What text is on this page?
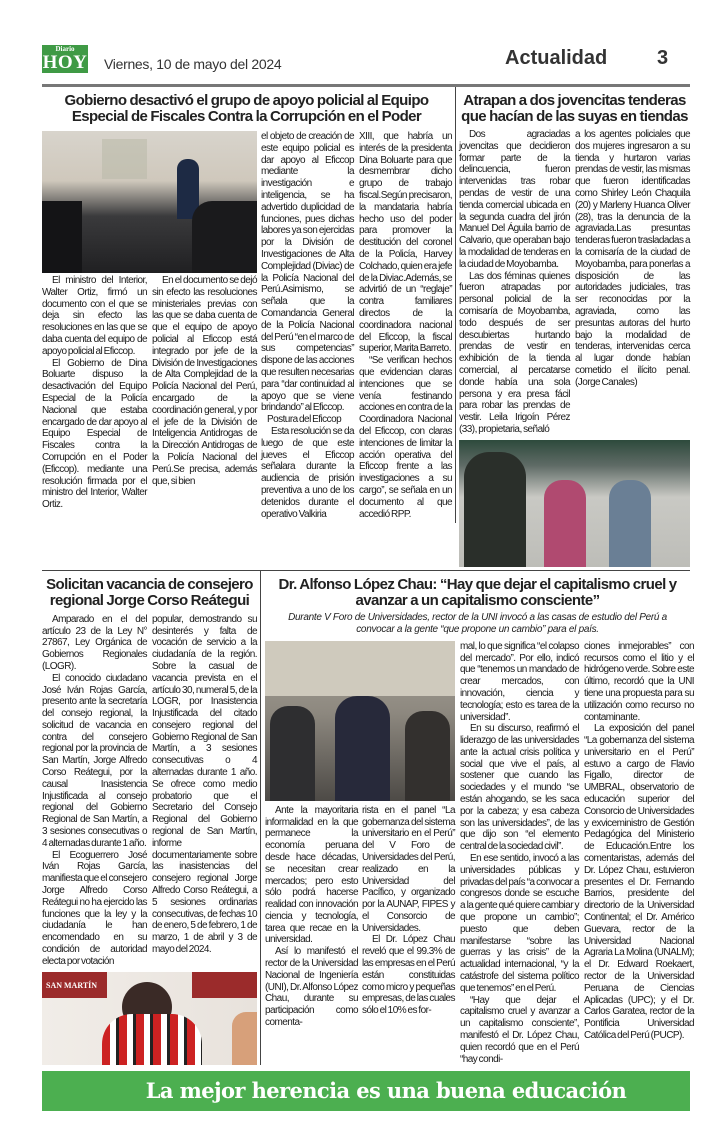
Diario
HOY Viernes, 10 de mayo del 2024	Actualidad 3
Gobierno desactivó el grupo de apoyo policial al Equipo Especial de Fiscales Contra la Corrupción en el Poder

El ministro del Interior, Walter Ortiz, firmó un documento con el que se deja sin efecto las resoluciones en las que se daba cuenta del equipo de apoyo policial al Eficcop.

El Gobierno de Dina Boluarte dispuso la desactivación del Equipo Especial de la Policía Nacional que estaba encargado de dar apoyo al Equipo Especial de Fiscales contra la Corrupción en el Poder (Eficcop). mediante una resolución firmada por el ministro del Interior, Walter Ortiz.

En el documento se dejó sin efecto las resoluciones ministeriales previas con las que se daba cuenta de que el equipo de apoyo policial al Eficcop está integrado por jefe de la División de Investigaciones de Alta Complejidad de la Policía Nacional del Perú, encargado de la coordinación general, y por el jefe de la División de Inteligencia Antidrogas de la Dirección Antidrogas de la Policía Nacional del Perú.Se precisa, además que, si bien

el objeto de creación de este equipo policial es dar apoyo al Eficcop mediante la investigación e inteligencia, se ha advertido duplicidad de funciones, pues dichas labores ya son ejercidas por la División de Investigaciones de Alta Complejidad (Diviac) de la Policía Nacional del Perú.Asimismo, se señala que la Comandancia General de la Policía Nacional del Perú “en el marco de sus competencias” dispone de las acciones que resulten necesarias para “dar continuidad al apoyo que se viene brindando” al Eficcop.

Postura del Eficcop

Esta resolución se da luego de que este jueves el Eficcop señalara durante la audiencia de prisión preventiva a uno de los detenidos durante el operativo Valkiria

XIII, que habría un interés de la presidenta Dina Boluarte para que desmembrar dicho grupo de trabajo fiscal.Según precisaron, la mandataria habría hecho uso del poder para promover la destitución del coronel de la Policía, Harvey Colchado, quien era jefe de la Diviac.Además, se advirtió de un “reglaje” contra familiares directos de la coordinadora nacional del Eficcop, la fiscal superior, Marita Barreto.

“Se verifican hechos que evidencian claras intenciones que se venía festinando acciones en contra de la Coordinadora Nacional del Eficcop, con claras intenciones de limitar la acción operativa del Eficcop frente a las investigaciones a su cargo”, se señala en un documento al que accedió RPP.

Atrapan a dos jovencitas tenderas que hacían de las suyas en tiendas

Dos agraciadas jovencitas que decidieron formar parte de la delincuencia, fueron intervenidas tras robar pendas de vestir de una tienda comercial ubicada en la segunda cuadra del jirón Manuel Del Águila barrio de Calvario, que operaban bajo la modalidad de tenderas en la ciudad de Moyobamba.

Las dos féminas quienes fueron atrapadas por personal policial de la comisaría de Moyobamba, todo después de ser descubiertas hurtando prendas de vestir en exhibición de la tienda comercial, al percatarse donde había una sola persona y era presa fácil para robar las prendas de vestir. Leila Irigoín Pérez (33), propietaria, señaló

a los agentes policiales que dos mujeres ingresaron a su tienda y hurtaron varias prendas de vestir, las mismas que fueron identificadas como Shirley León Chaquila (20) y Marleny Huanca Oliver (28), tras la denuncia de la agraviada.Las presuntas tenderas fueron trasladadas a la comisaría de la ciudad de Moyobamba, para ponerlas a disposición de las autoridades judiciales, tras ser reconocidas por la agraviada, como las presuntas autoras del hurto bajo la modalidad de tenderas, intervenidas cerca al lugar donde habían cometido el ilícito penal. (Jorge Canales)

Solicitan vacancia de consejero regional Jorge Corso Reátegui

Amparado en el del artículo 23 de la Ley N° 27867, Ley Orgánica de Gobiernos Regionales (LOGR).

El conocido ciudadano José Iván Rojas García, presento ante la secretaría del consejo regional, la solicitud de vacancia en contra del consejero regional por la provincia de San Martín, Jorge Alfredo Corso Reátegui, por la causal Inasistencia Injustificada al consejo regional del Gobierno Regional de San Martín, a 3 sesiones consecutivas o 4 alternadas durante 1 año.

El Ecoguerrero José Iván Rojas García, manifiesta que el consejero Jorge Alfredo Corso Reátegui no ha ejercido las funciones que la ley y la ciudadanía le han encomendado en su condición de autoridad electa por votación

popular, demostrando su desinterés y falta de vocación de servicio a la ciudadanía de la región. Sobre la casual de vacancia prevista en el artículo 30, numeral 5, de la LOGR, por Inasistencia Injustificada del citado consejero regional del Gobierno Regional de San Martín, a 3 sesiones consecutivas o 4 alternadas durante 1 año. Se ofrece como medio probatorio que el Secretario del Consejo Regional del Gobierno regional de San Martín, informe documentariamente sobre las inasistencias del consejero regional Jorge Alfredo Corso Reátegui, a 5 sesiones ordinarias consecutivas, de fechas 10 de enero, 5 de febrero, 1 de marzo, 1 de abril y 3 de mayo del 2024.

SAN MARTÍN
Dr. Alfonso López Chau: “Hay que dejar el capitalismo cruel y avanzar a un capitalismo consciente”
Durante V Foro de Universidades, rector de la UNI invocó a las casas de estudio del Perú a convocar a la gente “que propone un cambio” para el país.

Ante la mayoritaria informalidad en la que permanece la economía peruana desde hace décadas, se necesitan crear mercados; pero esto sólo podrá hacerse realidad con innovación ciencia y tecnología, tarea que recae en la universidad.

Así lo manifestó el rector de la Universidad Nacional de Ingeniería (UNI), Dr. Alfonso López Chau, durante su participación como comenta-

rista en el panel “La gobernanza del sistema universitario en el Perú” del V Foro de Universidades del Perú, realizado en la Universidad del Pacífico, y organizado por la AUNAP, FIPES y el Consorcio de Universidades.

El Dr. López Chau reveló que el 99.3% de las empresas en el Perú están constituidas como micro y pequeñas empresas, de las cuales sólo el 10% es for-

mal, lo que significa “el colapso del mercado”. Por ello, indicó que “tenemos un mandado de crear mercados, con innovación, ciencia y tecnología; esto es tarea de la universidad”.

En su discurso, reafirmó el liderazgo de las universidades ante la actual crisis política y social que vive el país, al sostener que cuando las sociedades y el mundo “se están ahogando, se les saca por la cabeza; y esa cabeza son las universidades”, de las que dijo son “el elemento central de la sociedad civil”.

En ese sentido, invocó a las universidades públicas y privadas del país “a convocar a congresos donde se escuche a la gente qué quiere cambiar y que propone un cambio”; puesto que deben manifestarse “sobre las guerras y las crisis” de la actualidad internacional, “y la catástrofe del sistema político que tenemos” en el Perú.

“Hay que dejar el capitalismo cruel y avanzar a un capitalismo consciente”, manifestó el Dr. López Chau, quien recordó que en el Perú “hay condi-

ciones inmejorables” con recursos como el litio y el hidrógeno verde. Sobre este último, recordó que la UNI tiene una propuesta para su utilización como recurso no contaminante.

La exposición del panel “La gobernanza del sistema universitario en el Perú” estuvo a cargo de Flavio Figallo, director de UMBRAL, observatorio de educación superior del Consorcio de Universidades y exviceministro de Gestión Pedagógica del Ministerio de Educación.Entre los comentaristas, además del Dr. López Chau, estuvieron presentes el Dr. Fernando Barrios, presidente del directorio de la Universidad Continental; el Dr. Américo Guevara, rector de la Universidad Nacional Agraria La Molina (UNALM); el Dr. Edward Roekaert, rector de la Universidad Peruana de Ciencias Aplicadas (UPC); y el Dr. Carlos Garatea, rector de la Pontificia Universidad Católica del Perú (PUCP).

La mejor herencia es una buena educación
